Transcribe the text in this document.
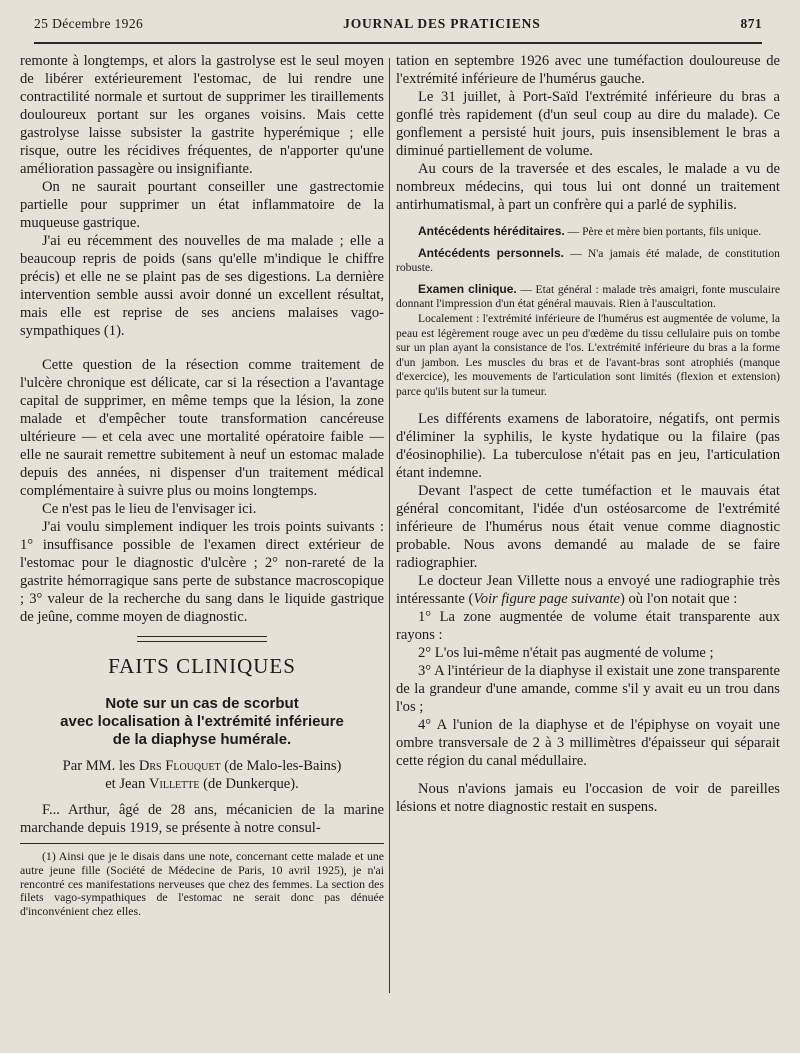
25 Décembre 1926	JOURNAL DES PRATICIENS	871

remonte à longtemps, et alors la gastrolyse est le seul moyen de libérer extérieurement l'estomac, de lui rendre une contractilité normale et surtout de supprimer les tiraillements douloureux portant sur les organes voisins. Mais cette gastrolyse laisse subsister la gastrite hyperémique ; elle risque, outre les récidives fréquentes, de n'apporter qu'une amélioration passagère ou insignifiante.

On ne saurait pourtant conseiller une gastrectomie partielle pour supprimer un état inflammatoire de la muqueuse gastrique.

J'ai eu récemment des nouvelles de ma malade ; elle a beaucoup repris de poids (sans qu'elle m'indique le chiffre précis) et elle ne se plaint pas de ses digestions. La dernière intervention semble aussi avoir donné un excellent résultat, mais elle est reprise de ses anciens malaises vago-sympathiques (1).

Cette question de la résection comme traitement de l'ulcère chronique est délicate, car si la résection a l'avantage capital de supprimer, en même temps que la lésion, la zone malade et d'empêcher toute transformation cancéreuse ultérieure — et cela avec une mortalité opératoire faible — elle ne saurait remettre subitement à neuf un estomac malade depuis des années, ni dispenser d'un traitement médical complémentaire à suivre plus ou moins longtemps.

Ce n'est pas le lieu de l'envisager ici.

J'ai voulu simplement indiquer les trois points suivants : 1° insuffisance possible de l'examen direct extérieur de l'estomac pour le diagnostic d'ulcère ; 2° non-rareté de la gastrite hémorragique sans perte de substance macroscopique ; 3° valeur de la recherche du sang dans le liquide gastrique de jeûne, comme moyen de diagnostic.

FAITS CLINIQUES
Note sur un cas de scorbut
avec localisation à l'extrémité inférieure
de la diaphyse humérale.
Par MM. les Drs Flouquet (de Malo-les-Bains)
et Jean Villette (de Dunkerque).

F... Arthur, âgé de 28 ans, mécanicien de la marine marchande depuis 1919, se présente à notre consul-

(1) Ainsi que je le disais dans une note, concernant cette malade et une autre jeune fille (Société de Médecine de Paris, 10 avril 1925), je n'ai rencontré ces manifestations nerveuses que chez des femmes. La section des filets vago-sympathiques de l'estomac ne serait donc pas dénuée d'inconvénient chez elles.

tation en septembre 1926 avec une tuméfaction douloureuse de l'extrémité inférieure de l'humérus gauche.

Le 31 juillet, à Port-Saïd l'extrémité inférieure du bras a gonflé très rapidement (d'un seul coup au dire du malade). Ce gonflement a persisté huit jours, puis insensiblement le bras a diminué partiellement de volume.

Au cours de la traversée et des escales, le malade a vu de nombreux médecins, qui tous lui ont donné un traitement antirhumatismal, à part un confrère qui a parlé de syphilis.

Antécédents héréditaires. — Père et mère bien portants, fils unique.

Antécédents personnels. — N'a jamais été malade, de constitution robuste.

Examen clinique. — Etat général : malade très amaigri, fonte musculaire donnant l'impression d'un état général mauvais. Rien à l'auscultation.

Localement : l'extrémité inférieure de l'humérus est augmentée de volume, la peau est légèrement rouge avec un peu d'œdème du tissu cellulaire puis on tombe sur un plan ayant la consistance de l'os. L'extrémité inférieure du bras a la forme d'un jambon. Les muscles du bras et de l'avant-bras sont atrophiés (manque d'exercice), les mouvements de l'articulation sont limités (flexion et extension) parce qu'ils butent sur la tumeur.

Les différents examens de laboratoire, négatifs, ont permis d'éliminer la syphilis, le kyste hydatique ou la filaire (pas d'éosinophilie). La tuberculose n'était pas en jeu, l'articulation étant indemne.

Devant l'aspect de cette tuméfaction et le mauvais état général concomitant, l'idée d'un ostéosarcome de l'extrémité inférieure de l'humérus nous était venue comme diagnostic probable. Nous avons demandé au malade de se faire radiographier.

Le docteur Jean Villette nous a envoyé une radiographie très intéressante (Voir figure page suivante) où l'on notait que :

1° La zone augmentée de volume était transparente aux rayons :

2° L'os lui-même n'était pas augmenté de volume ;

3° A l'intérieur de la diaphyse il existait une zone transparente de la grandeur d'une amande, comme s'il y avait eu un trou dans l'os ;

4° A l'union de la diaphyse et de l'épiphyse on voyait une ombre transversale de 2 à 3 millimètres d'épaisseur qui séparait cette région du canal médullaire.

Nous n'avions jamais eu l'occasion de voir de pareilles lésions et notre diagnostic restait en suspens.
